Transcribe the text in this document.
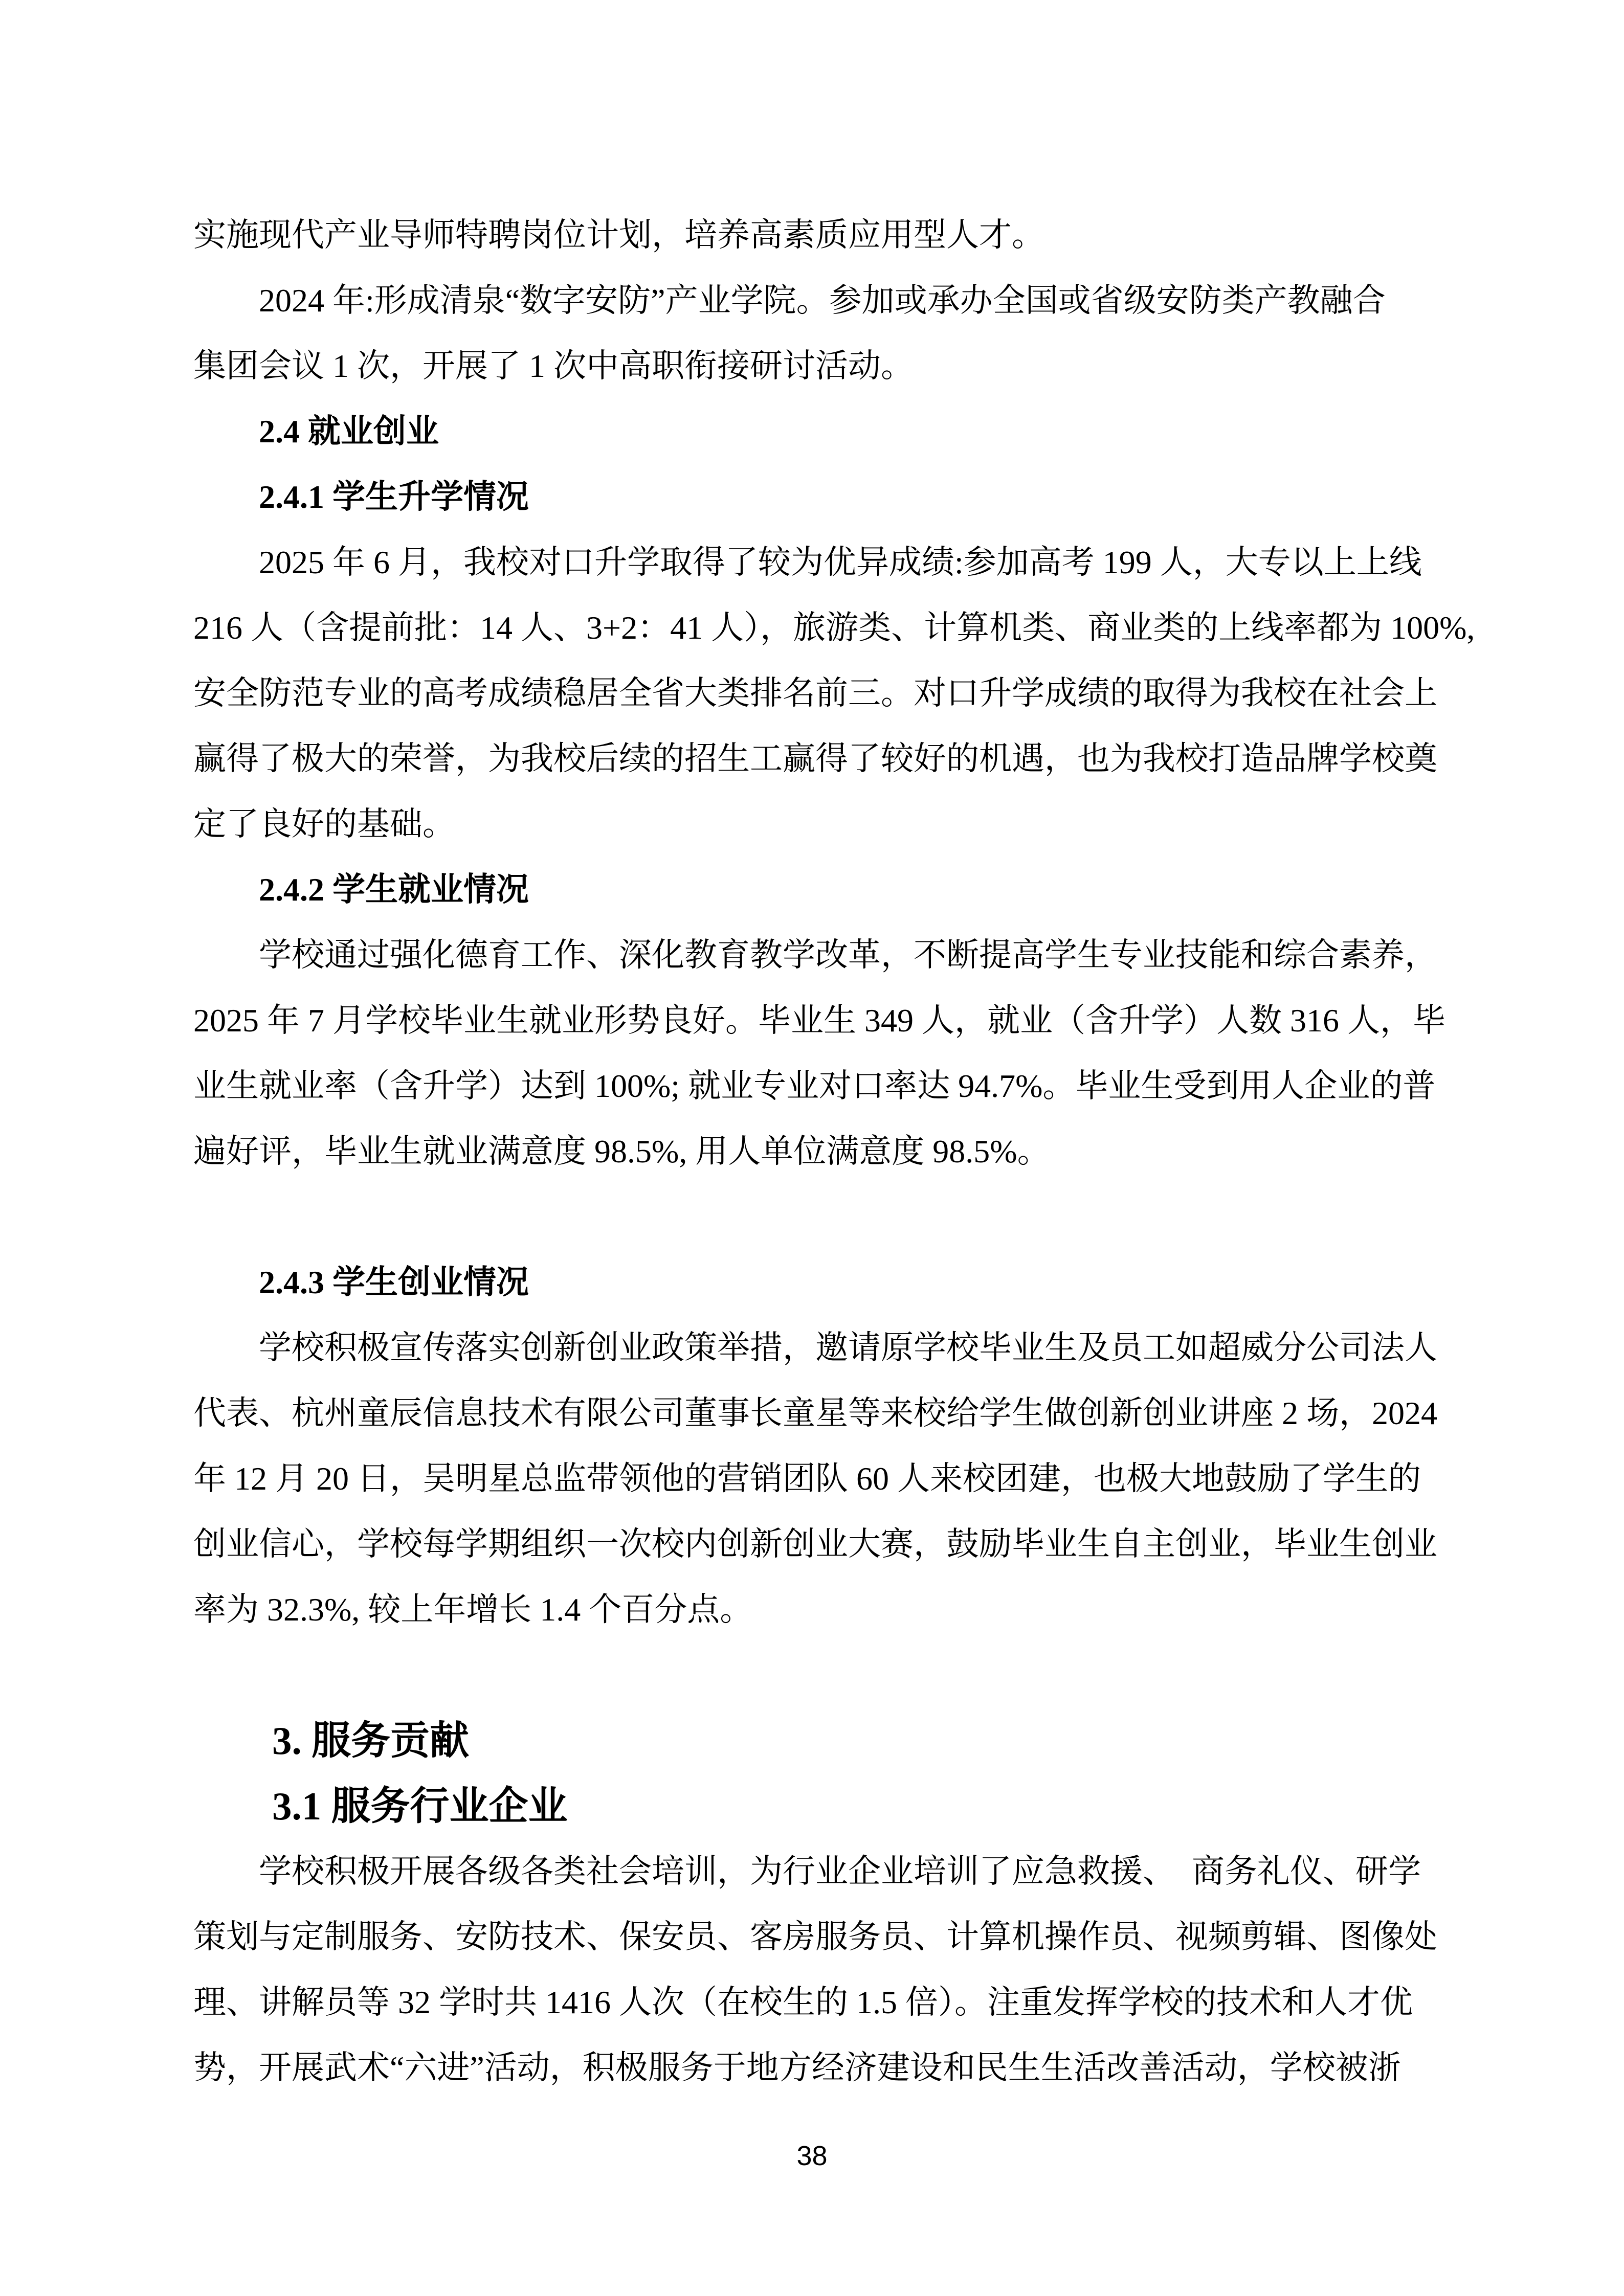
实施现代产业导师特聘岗位计划，培养高素质应用型人才。
2024 年:形成清泉“数字安防”产业学院。参加或承办全国或省级安防类产教融合
集团会议 1 次，开展了 1 次中高职衔接研讨活动。
2.4 就业创业
2.4.1 学生升学情况
2025 年 6 月，我校对口升学取得了较为优异成绩:参加高考 199 人，大专以上上线
216 人（含提前批：14 人、3+2：41 人），旅游类、计算机类、商业类的上线率都为 100%,
安全防范专业的高考成绩稳居全省大类排名前三。对口升学成绩的取得为我校在社会上
赢得了极大的荣誉，为我校后续的招生工赢得了较好的机遇，也为我校打造品牌学校奠
定了良好的基础。
2.4.2 学生就业情况
学校通过强化德育工作、深化教育教学改革，不断提高学生专业技能和综合素养，
2025 年 7 月学校毕业生就业形势良好。毕业生 349 人，就业（含升学）人数 316 人，毕
业生就业率（含升学）达到 100%; 就业专业对口率达 94.7%。毕业生受到用人企业的普
遍好评，毕业生就业满意度 98.5%, 用人单位满意度 98.5%。
2.4.3 学生创业情况
学校积极宣传落实创新创业政策举措，邀请原学校毕业生及员工如超威分公司法人
代表、杭州童辰信息技术有限公司董事长童星等来校给学生做创新创业讲座 2 场，2024
年 12 月 20 日，吴明星总监带领他的营销团队 60 人来校团建，也极大地鼓励了学生的
创业信心，学校每学期组织一次校内创新创业大赛，鼓励毕业生自主创业，毕业生创业
率为 32.3%, 较上年增长 1.4 个百分点。
3. 服务贡献
3.1 服务行业企业
学校积极开展各级各类社会培训，为行业企业培训了应急救援、　商务礼仪、研学
策划与定制服务、安防技术、保安员、客房服务员、计算机操作员、视频剪辑、图像处
理、讲解员等 32 学时共 1416 人次（在校生的 1.5 倍）。注重发挥学校的技术和人才优
势，开展武术“六进”活动，积极服务于地方经济建设和民生生活改善活动，学校被浙
38
